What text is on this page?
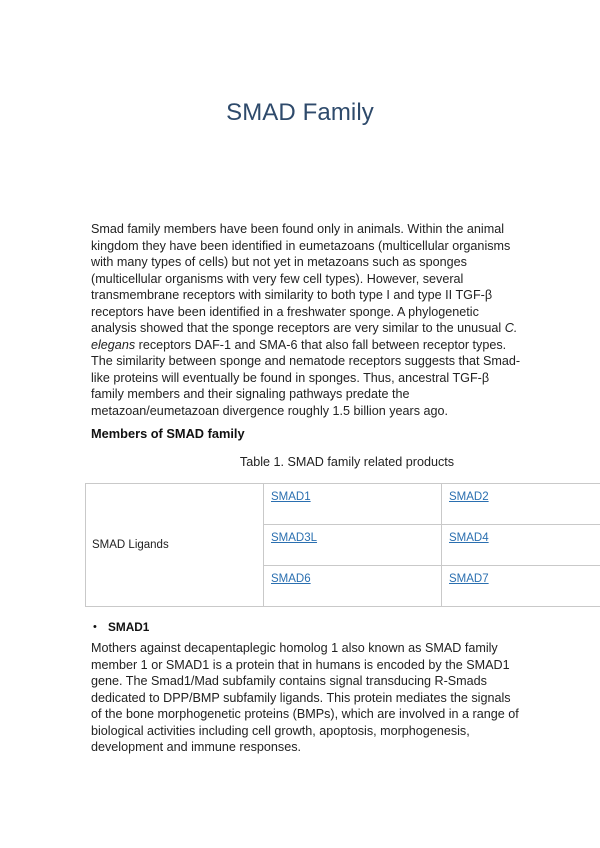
SMAD Family

Smad family members have been found only in animals. Within the animal kingdom they have been identified in eumetazoans (multicellular organisms with many types of cells) but not yet in metazoans such as sponges (multicellular organisms with very few cell types). However, several transmembrane receptors with similarity to both type I and type II TGF-β receptors have been identified in a freshwater sponge. A phylogenetic analysis showed that the sponge receptors are very similar to the unusual C. elegans receptors DAF-1 and SMA-6 that also fall between receptor types. The similarity between sponge and nematode receptors suggests that Smad-like proteins will eventually be found in sponges. Thus, ancestral TGF-β family members and their signaling pathways predate the metazoan/eumetazoan divergence roughly 1.5 billion years ago.

Members of SMAD family
Table 1. SMAD family related products
SMAD Ligands	SMAD1	SMAD2
	SMAD3L	SMAD4
	SMAD6	SMAD7
• SMAD1

Mothers against decapentaplegic homolog 1 also known as SMAD family member 1 or SMAD1 is a protein that in humans is encoded by the SMAD1 gene. The Smad1/Mad subfamily contains signal transducing R-Smads dedicated to DPP/BMP subfamily ligands. This protein mediates the signals of the bone morphogenetic proteins (BMPs), which are involved in a range of biological activities including cell growth, apoptosis, morphogenesis, development and immune responses.
